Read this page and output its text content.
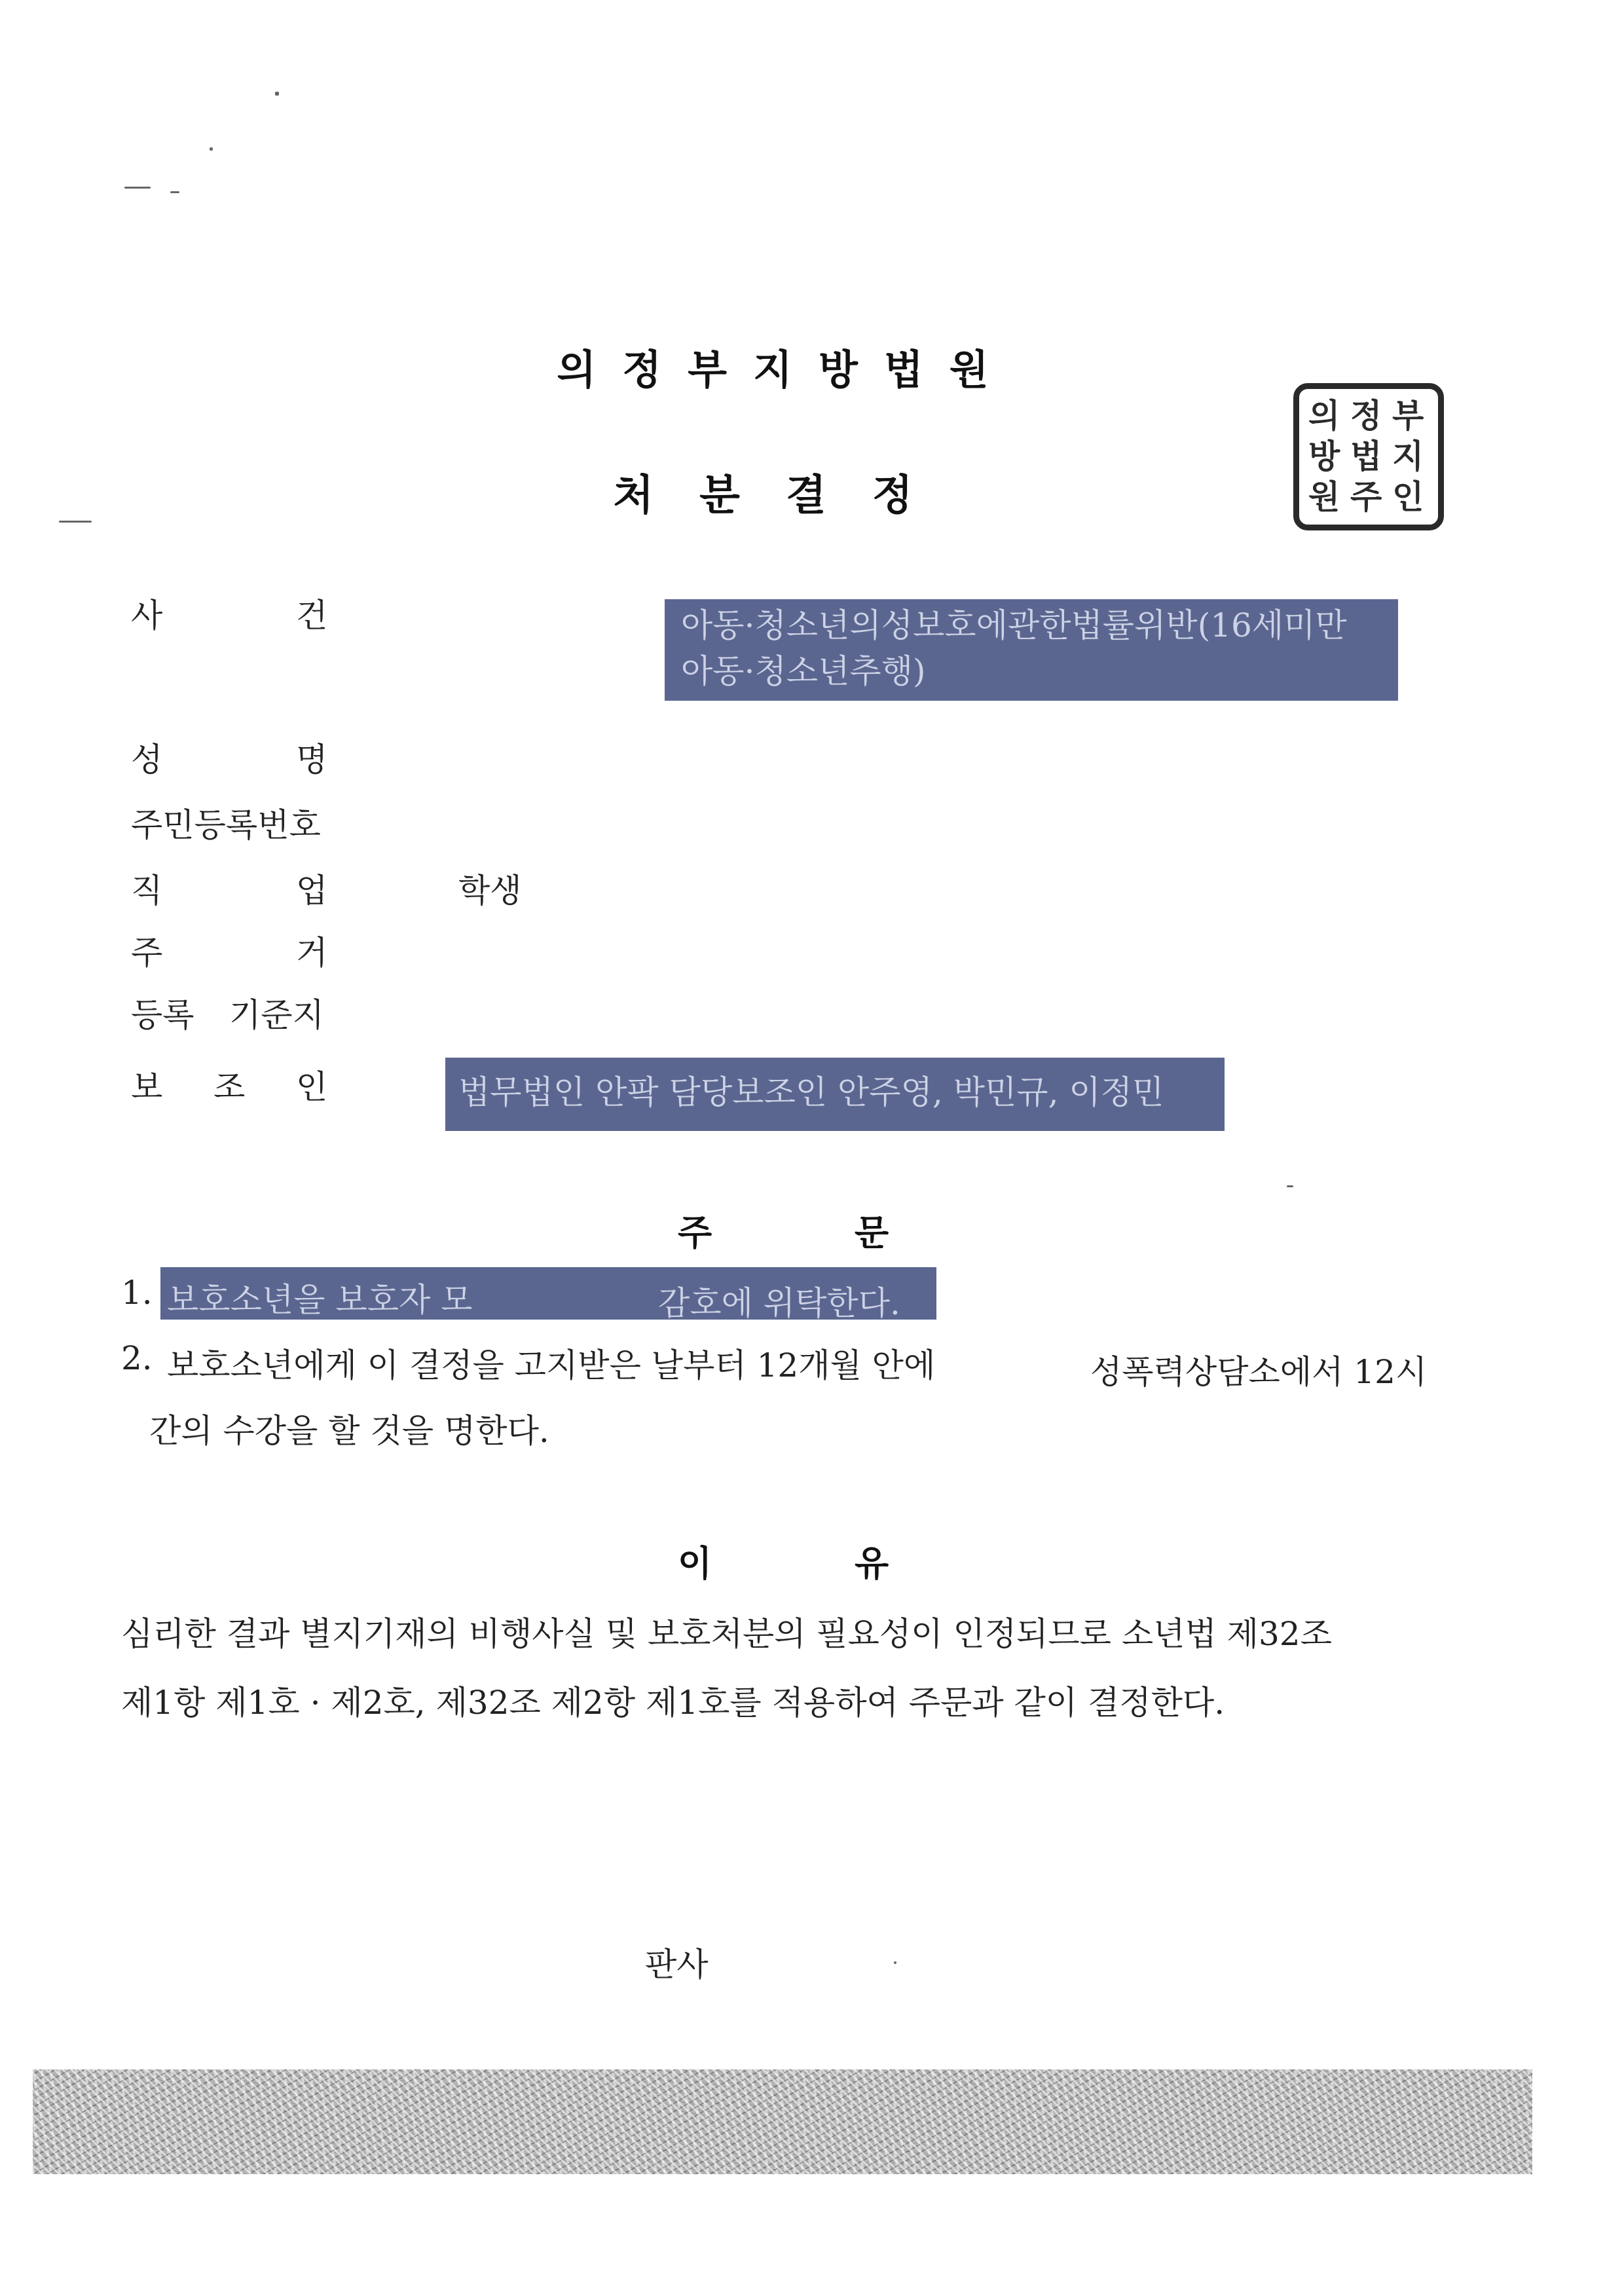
의정부지방법원
처분결정
의
방
원
정
법
주
부
지
인
사	건	아동·청소년의성보호에관한법률위반(16세미만
아동·청소년추행)
성	명
주민등록번호
직	업	학생
주	거
등록 기준지
보 조 인	법무법인 안팍 담당보조인 안주영, 박민규, 이정민
주	문
1. 보호소년을 보호자 모	감호에 위탁한다.
2. 보호소년에게 이 결정을 고지받은 날부터 12개월 안에	성폭력상담소에서 12시
간의 수강을 할 것을 명한다.
이	유
심리한 결과 별지기재의 비행사실 및 보호처분의 필요성이 인정되므로 소년법 제32조
제1항 제1호 · 제2호, 제32조 제2항 제1호를 적용하여 주문과 같이 결정한다.
판사
